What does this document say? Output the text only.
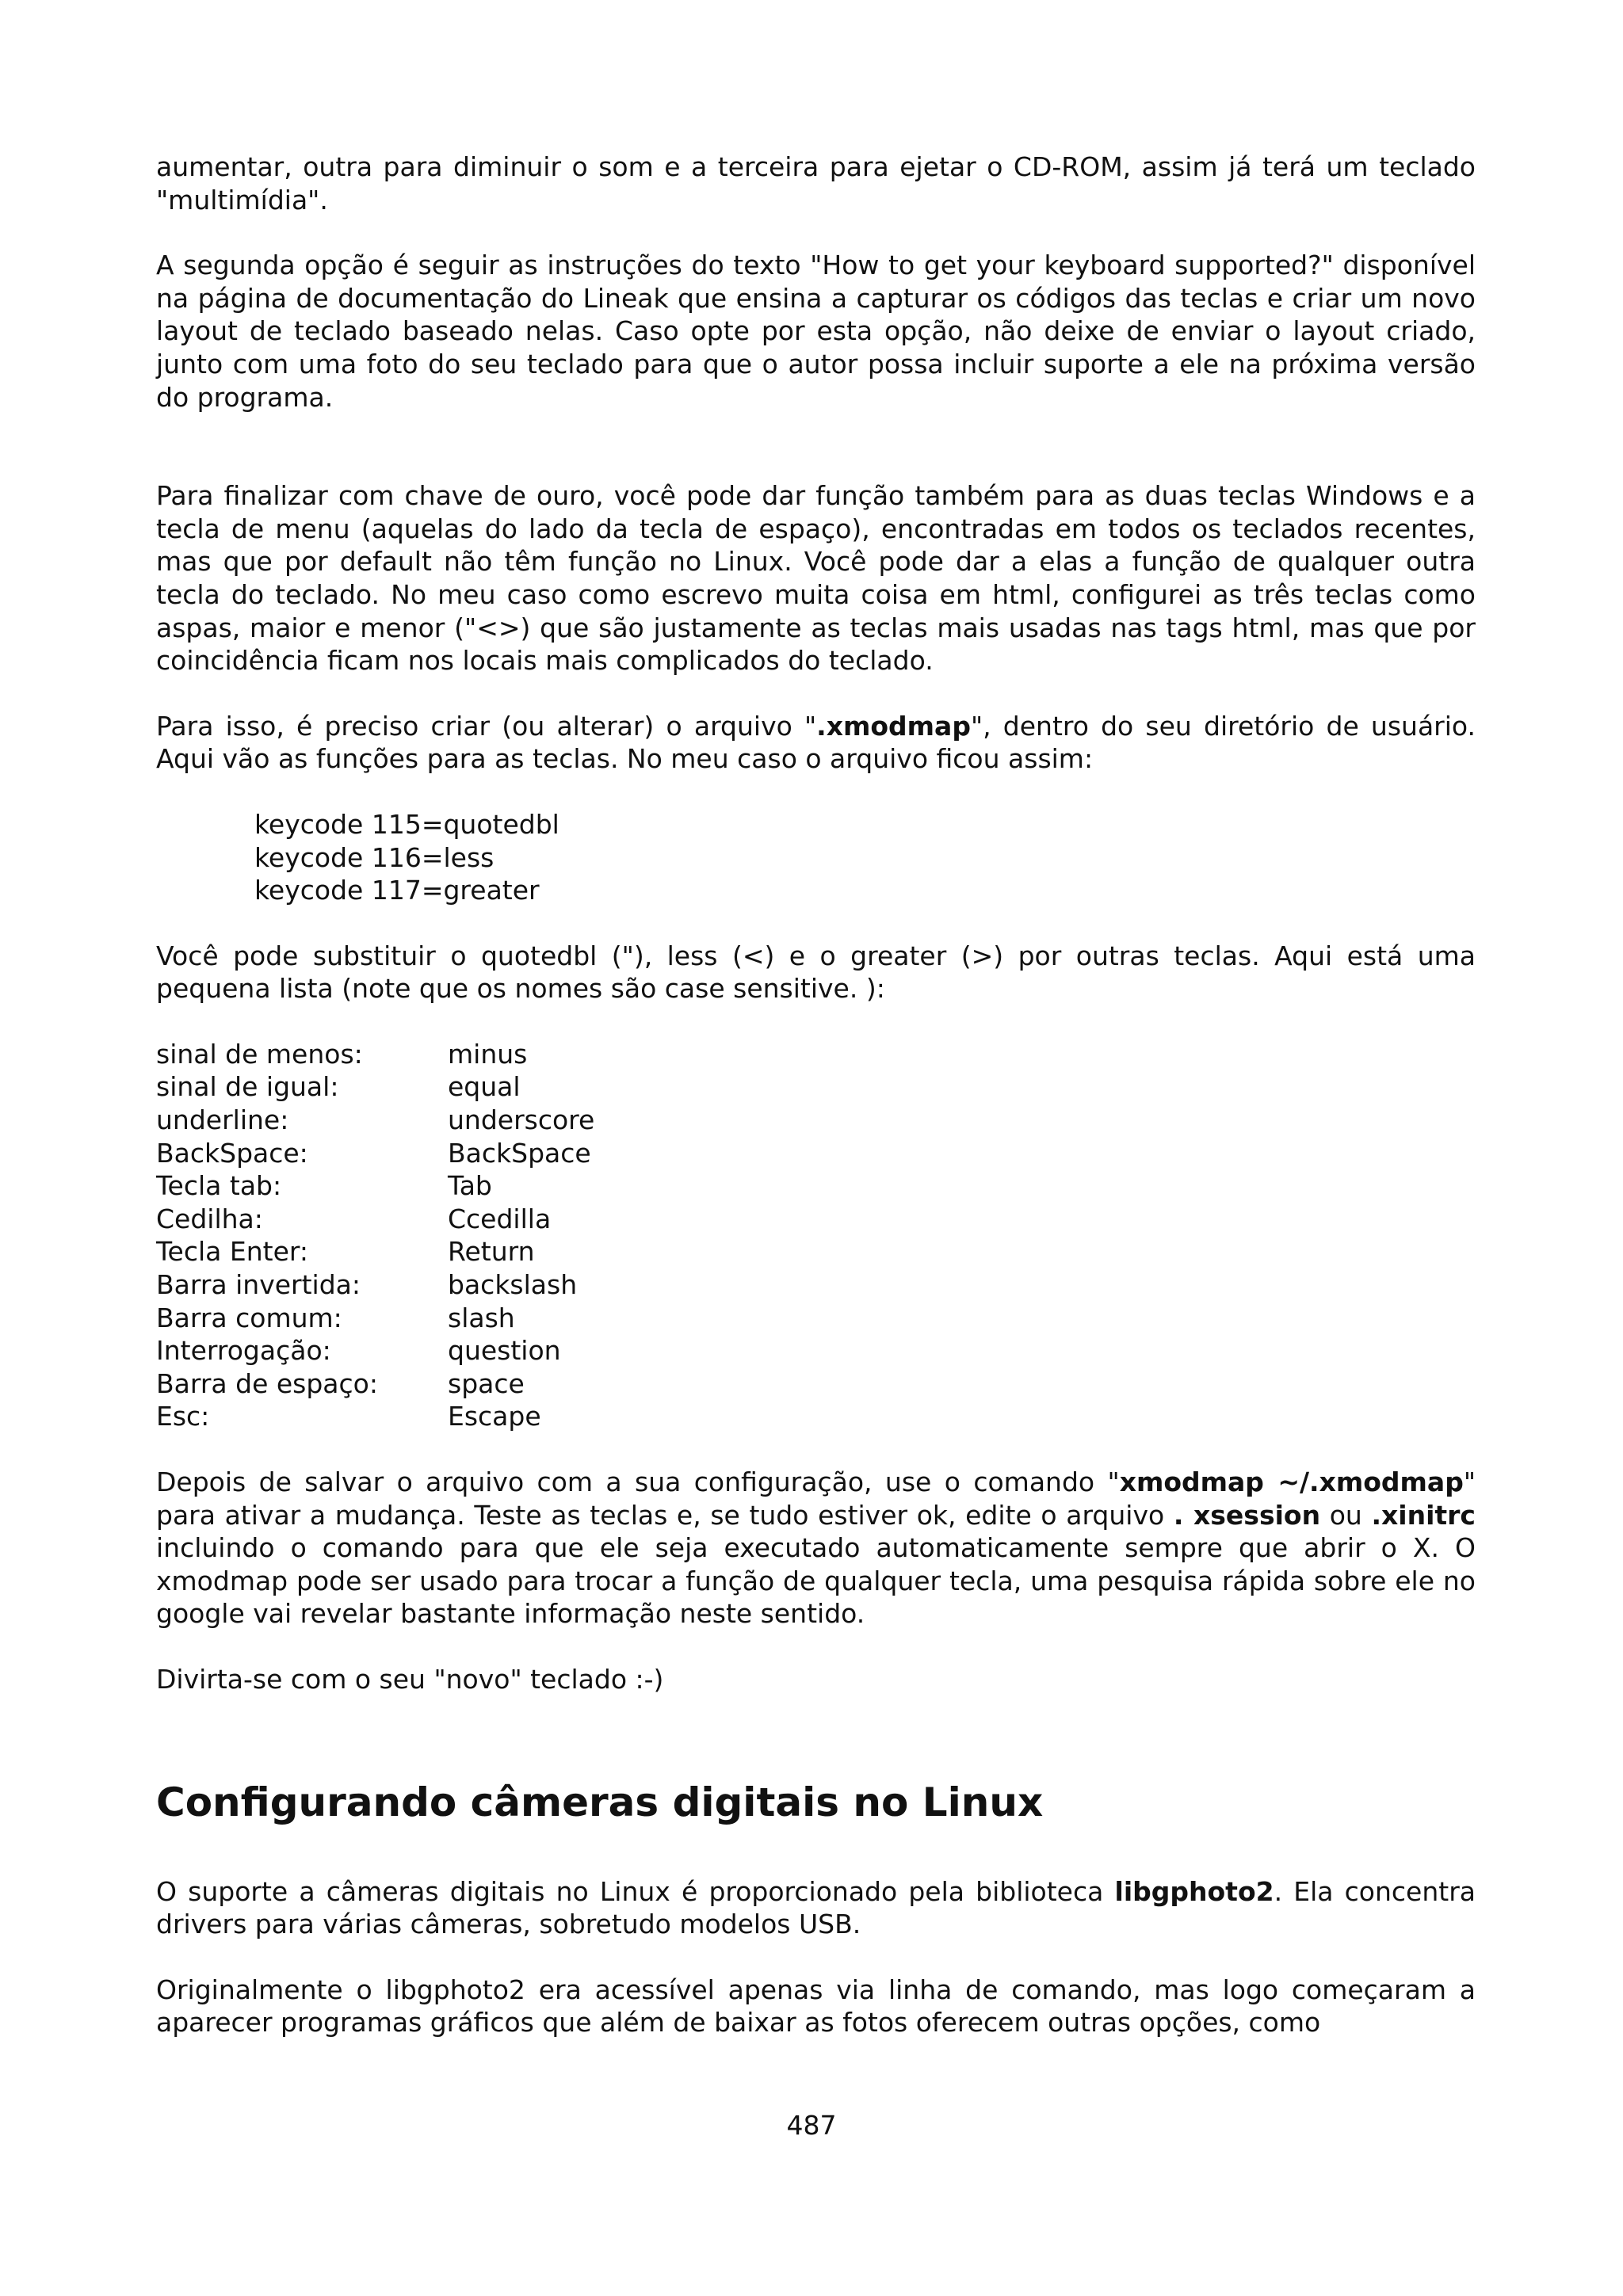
aumentar, outra para diminuir o som e a terceira para ejetar o CD-ROM, assim já terá um teclado "multimídia".

A segunda opção é seguir as instruções do texto "How to get your keyboard supported?" disponível na página de documentação do Lineak que ensina a capturar os códigos das teclas e criar um novo layout de teclado baseado nelas. Caso opte por esta opção, não deixe de enviar o layout criado, junto com uma foto do seu teclado para que o autor possa incluir suporte a ele na próxima versão do programa.

Para finalizar com chave de ouro, você pode dar função também para as duas teclas Windows e a tecla de menu (aquelas do lado da tecla de espaço), encontradas em todos os teclados recentes, mas que por default não têm função no Linux. Você pode dar a elas a função de qualquer outra tecla do teclado. No meu caso como escrevo muita coisa em html, configurei as três teclas como aspas, maior e menor ("<>) que são justamente as teclas mais usadas nas tags html, mas que por coincidência ficam nos locais mais complicados do teclado.

Para isso, é preciso criar (ou alterar) o arquivo ".xmodmap", dentro do seu diretório de usuário. Aqui vão as funções para as teclas. No meu caso o arquivo ficou assim:

keycode 115=quotedbl
keycode 116=less
keycode 117=greater

Você pode substituir o quotedbl ("), less (<) e o greater (>) por outras teclas. Aqui está uma pequena lista (note que os nomes são case sensitive. ):

sinal de menos:	minus
sinal de igual:	equal
underline:	underscore
BackSpace:	BackSpace
Tecla tab:	Tab
Cedilha:	Ccedilla
Tecla Enter:	Return
Barra invertida:	backslash
Barra comum:	slash
Interrogação:	question
Barra de espaço:	space
Esc:	Escape

Depois de salvar o arquivo com a sua configuração, use o comando "xmodmap ~/.xmodmap" para ativar a mudança. Teste as teclas e, se tudo estiver ok, edite o arquivo . xsession ou .xinitrc incluindo o comando para que ele seja executado automaticamente sempre que abrir o X. O xmodmap pode ser usado para trocar a função de qualquer tecla, uma pesquisa rápida sobre ele no google vai revelar bastante informação neste sentido.

Divirta-se com o seu "novo" teclado :-)

Configurando câmeras digitais no Linux

O suporte a câmeras digitais no Linux é proporcionado pela biblioteca libgphoto2. Ela concentra drivers para várias câmeras, sobretudo modelos USB.

Originalmente o libgphoto2 era acessível apenas via linha de comando, mas logo começaram a aparecer programas gráficos que além de baixar as fotos oferecem outras opções, como

487
